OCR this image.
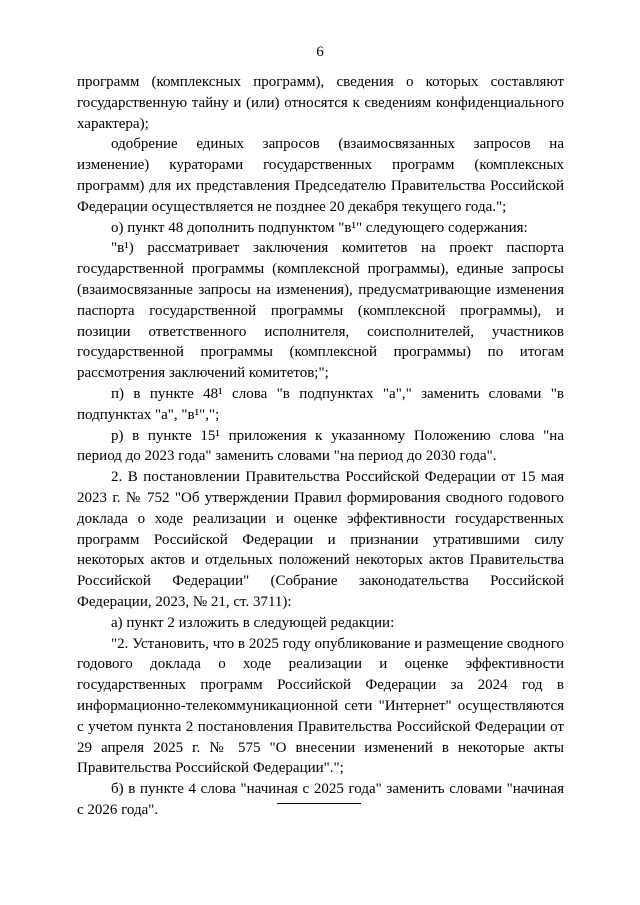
6

программ (комплексных программ), сведения о которых составляют государственную тайну и (или) относятся к сведениям конфиденциального характера);

одобрение единых запросов (взаимосвязанных запросов на изменение) кураторами государственных программ (комплексных программ) для их представления Председателю Правительства Российской Федерации осуществляется не позднее 20 декабря текущего года.";

о) пункт 48 дополнить подпунктом "в¹" следующего содержания:

"в¹) рассматривает заключения комитетов на проект паспорта государственной программы (комплексной программы), единые запросы (взаимосвязанные запросы на изменения), предусматривающие изменения паспорта государственной программы (комплексной программы), и позиции ответственного исполнителя, соисполнителей, участников государственной программы (комплексной программы) по итогам рассмотрения заключений комитетов;";

п) в пункте 48¹ слова "в подпунктах "а"," заменить словами "в подпунктах "а", "в¹",";

р) в пункте 15¹ приложения к указанному Положению слова "на период до 2023 года" заменить словами "на период до 2030 года".

2. В постановлении Правительства Российской Федерации от 15 мая 2023 г. № 752 "Об утверждении Правил формирования сводного годового доклада о ходе реализации и оценке эффективности государственных программ Российской Федерации и признании утратившими силу некоторых актов и отдельных положений некоторых актов Правительства Российской Федерации" (Собрание законодательства Российской Федерации, 2023, № 21, ст. 3711):

а) пункт 2 изложить в следующей редакции:

"2. Установить, что в 2025 году опубликование и размещение сводного годового доклада о ходе реализации и оценке эффективности государственных программ Российской Федерации за 2024 год в информационно-телекоммуникационной сети "Интернет" осуществляются с учетом пункта 2 постановления Правительства Российской Федерации от 29 апреля 2025 г. № 575 "О внесении изменений в некоторые акты Правительства Российской Федерации".";

б) в пункте 4 слова "начиная с 2025 года" заменить словами "начиная с 2026 года".
